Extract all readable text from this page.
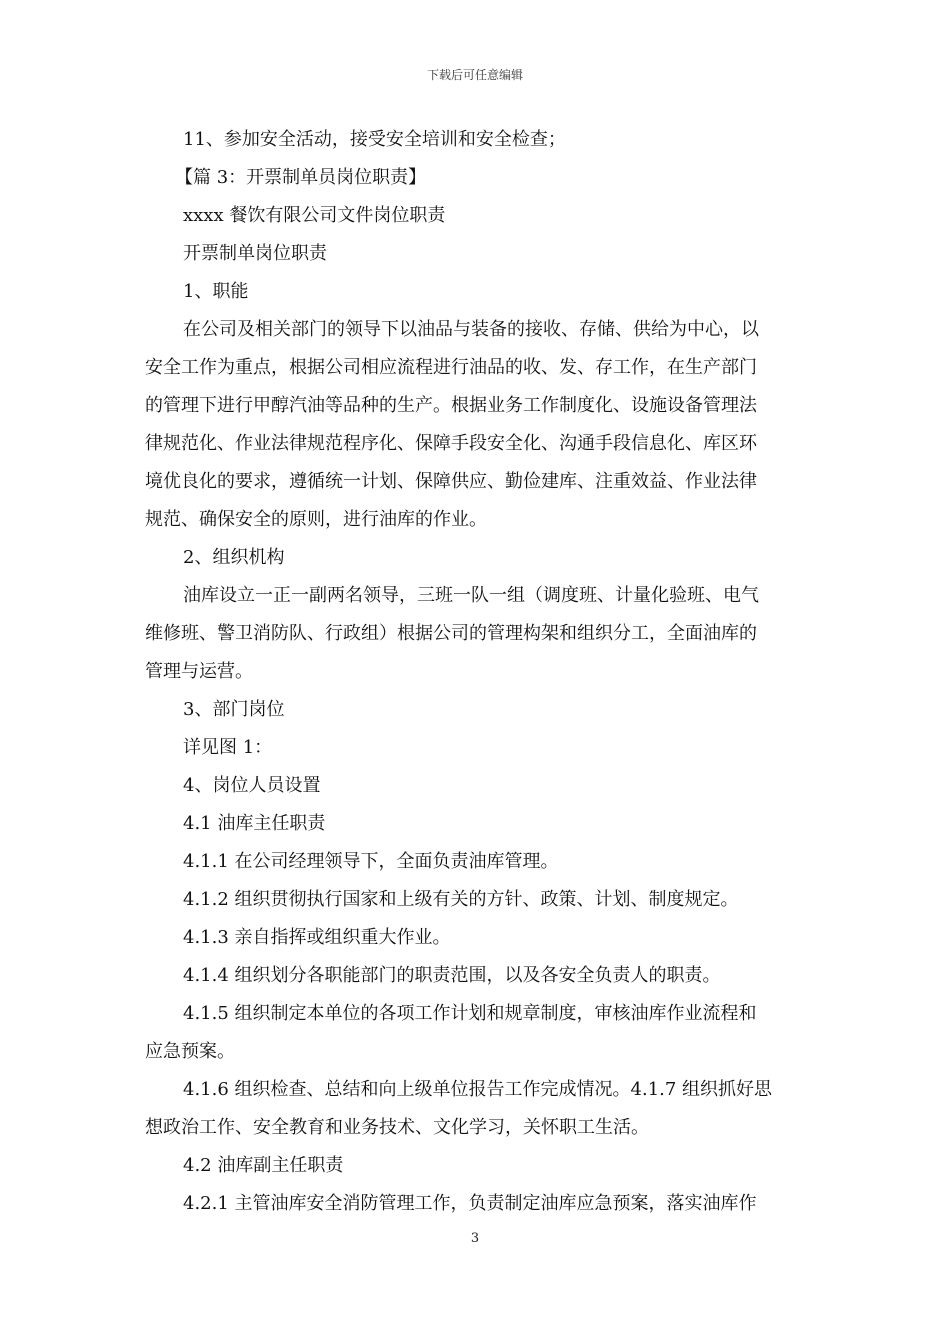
下载后可任意编辑
11、参加安全活动，接受安全培训和安全检查；
【篇 3：开票制单员岗位职责】
xxxx 餐饮有限公司文件岗位职责
开票制单岗位职责
1、职能
在公司及相关部门的领导下以油品与装备的接收、存储、供给为中心，以
安全工作为重点，根据公司相应流程进行油品的收、发、存工作，在生产部门
的管理下进行甲醇汽油等品种的生产。根据业务工作制度化、设施设备管理法
律规范化、作业法律规范程序化、保障手段安全化、沟通手段信息化、库区环
境优良化的要求，遵循统一计划、保障供应、勤俭建库、注重效益、作业法律
规范、确保安全的原则，进行油库的作业。
2、组织机构
油库设立一正一副两名领导，三班一队一组（调度班、计量化验班、电气
维修班、警卫消防队、行政组）根据公司的管理构架和组织分工，全面油库的
管理与运营。
3、部门岗位
详见图 1：
4、岗位人员设置
4.1 油库主任职责
4.1.1 在公司经理领导下，全面负责油库管理。
4.1.2 组织贯彻执行国家和上级有关的方针、政策、计划、制度规定。
4.1.3 亲自指挥或组织重大作业。
4.1.4 组织划分各职能部门的职责范围，以及各安全负责人的职责。
4.1.5 组织制定本单位的各项工作计划和规章制度，审核油库作业流程和
应急预案。
4.1.6 组织检查、总结和向上级单位报告工作完成情况。4.1.7 组织抓好思
想政治工作、安全教育和业务技术、文化学习，关怀职工生活。
4.2 油库副主任职责
4.2.1 主管油库安全消防管理工作，负责制定油库应急预案，落实油库作
3
